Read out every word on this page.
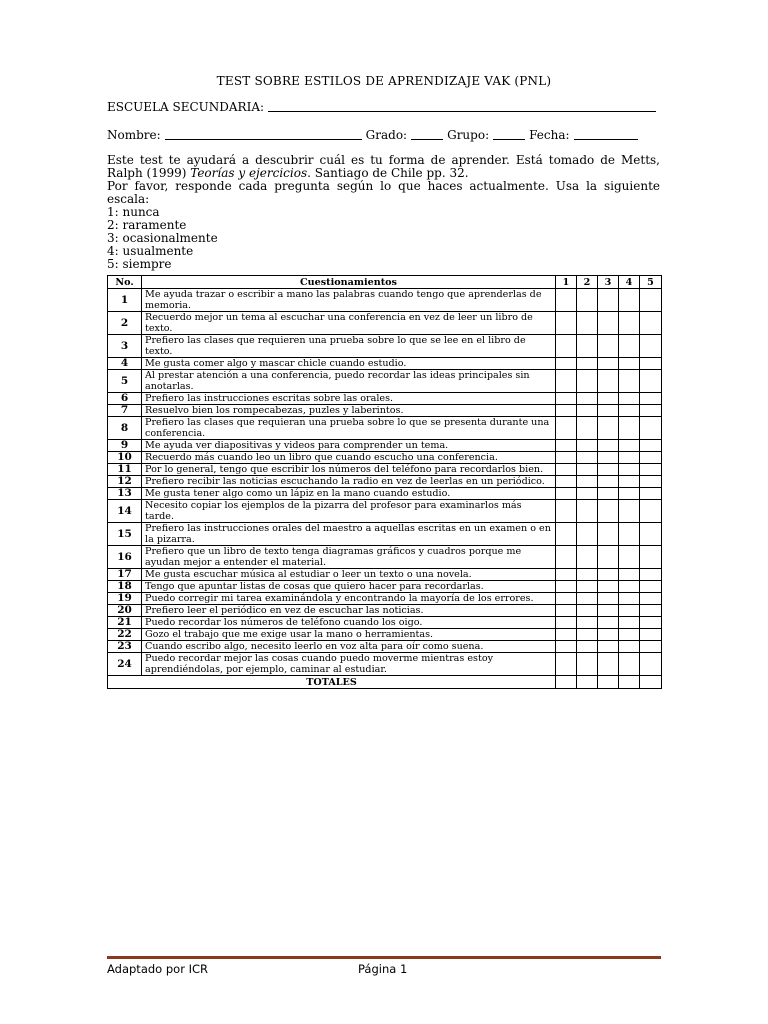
TEST SOBRE ESTILOS DE APRENDIZAJE VAK (PNL)
ESCUELA SECUNDARIA:
Nombre:	Grado:	Grupo:	Fecha:

Este test te ayudará a descubrir cuál es tu forma de aprender. Está tomado de Metts, Ralph (1999) Teorías y ejercicios. Santiago de Chile pp. 32.

Por favor, responde cada pregunta según lo que haces actualmente. Usa la siguiente escala:

1: nunca
2: raramente
3: ocasionalmente
4: usualmente
5: siempre
No.	Cuestionamientos	1	2	3	4	5
1	Me ayuda trazar o escribir a mano las palabras cuando tengo que aprenderlas de memoria.					
2	Recuerdo mejor un tema al escuchar una conferencia en vez de leer un libro de texto.					
3	Prefiero las clases que requieren una prueba sobre lo que se lee en el libro de texto.					
4	Me gusta comer algo y mascar chicle cuando estudio.					
5	Al prestar atención a una conferencia, puedo recordar las ideas principales sin anotarlas.					
6	Prefiero las instrucciones escritas sobre las orales.					
7	Resuelvo bien los rompecabezas, puzles y laberintos.					
8	Prefiero las clases que requieran una prueba sobre lo que se presenta durante una conferencia.					
9	Me ayuda ver diapositivas y videos para comprender un tema.					
10	Recuerdo más cuando leo un libro que cuando escucho una conferencia.					
11	Por lo general, tengo que escribir los números del teléfono para recordarlos bien.					
12	Prefiero recibir las noticias escuchando la radio en vez de leerlas en un periódico.					
13	Me gusta tener algo como un lápiz en la mano cuando estudio.					
14	Necesito copiar los ejemplos de la pizarra del profesor para examinarlos más tarde.					
15	Prefiero las instrucciones orales del maestro a aquellas escritas en un examen o en la pizarra.					
16	Prefiero que un libro de texto tenga diagramas gráficos y cuadros porque me ayudan mejor a entender el material.					
17	Me gusta escuchar música al estudiar o leer un texto o una novela.					
18	Tengo que apuntar listas de cosas que quiero hacer para recordarlas.					
19	Puedo corregir mi tarea examinándola y encontrando la mayoría de los errores.					
20	Prefiero leer el periódico en vez de escuchar las noticias.					
21	Puedo recordar los números de teléfono cuando los oigo.					
22	Gozo el trabajo que me exige usar la mano o herramientas.					
23	Cuando escribo algo, necesito leerlo en voz alta para oír como suena.					
24	Puedo recordar mejor las cosas cuando puedo moverme mientras estoy aprendiéndolas, por ejemplo, caminar al estudiar.					
TOTALES						
Adaptado por ICR	Página 1
